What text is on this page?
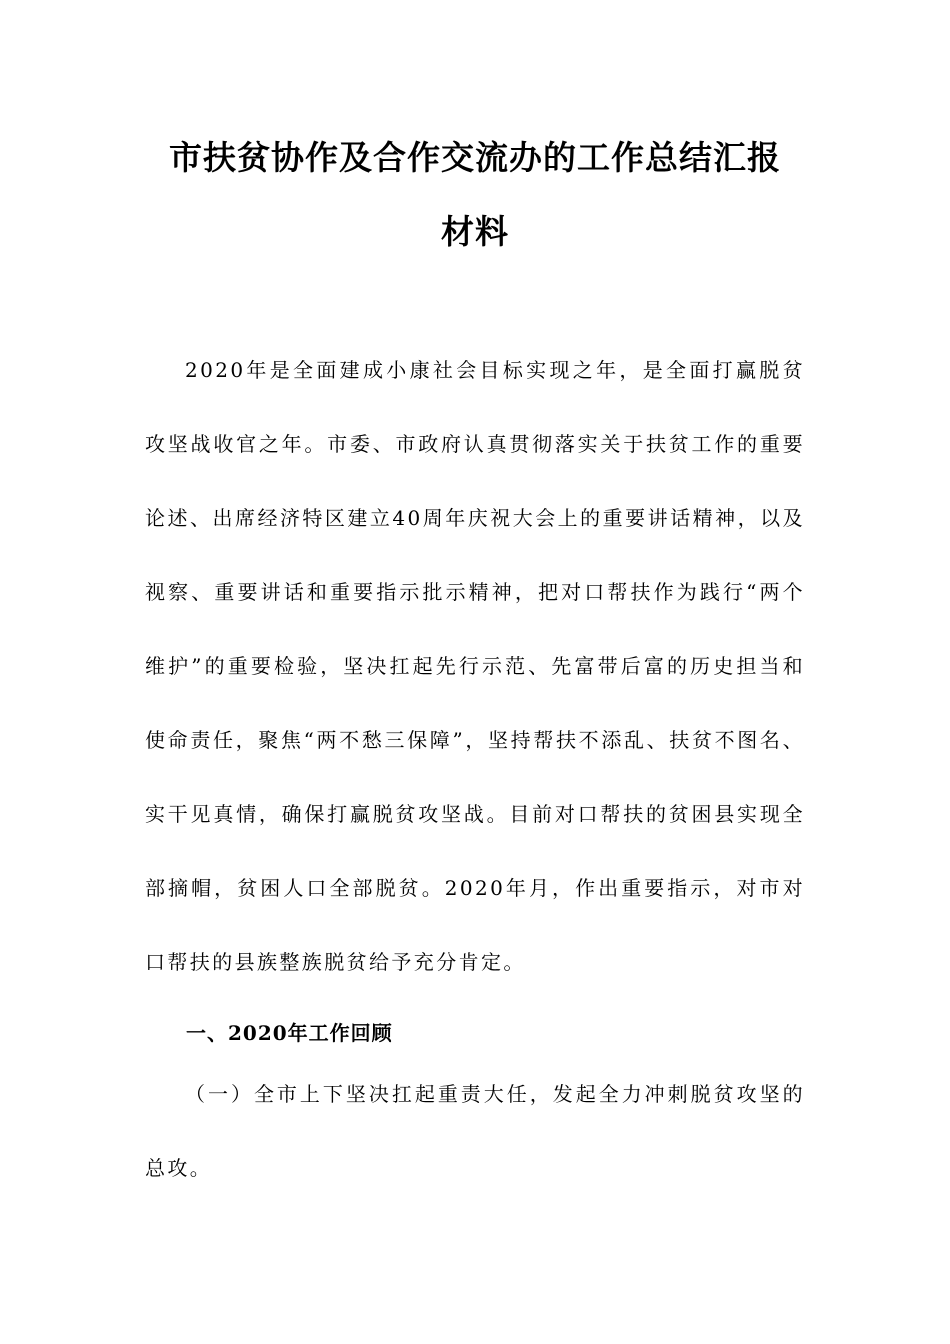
市扶贫协作及合作交流办的工作总结汇报
材料

2020年是全面建成小康社会目标实现之年，是全面打赢脱贫攻坚战收官之年。市委、市政府认真贯彻落实关于扶贫工作的重要论述、出席经济特区建立40周年庆祝大会上的重要讲话精神，以及视察、重要讲话和重要指示批示精神，把对口帮扶作为践行“两个维护”的重要检验，坚决扛起先行示范、先富带后富的历史担当和使命责任，聚焦“两不愁三保障”，坚持帮扶不添乱、扶贫不图名、实干见真情，确保打赢脱贫攻坚战。目前对口帮扶的贫困县实现全部摘帽，贫困人口全部脱贫。2020年月，作出重要指示，对市对口帮扶的县族整族脱贫给予充分肯定。

一、2020年工作回顾

（一）全市上下坚决扛起重责大任，发起全力冲刺脱贫攻坚的总攻。
